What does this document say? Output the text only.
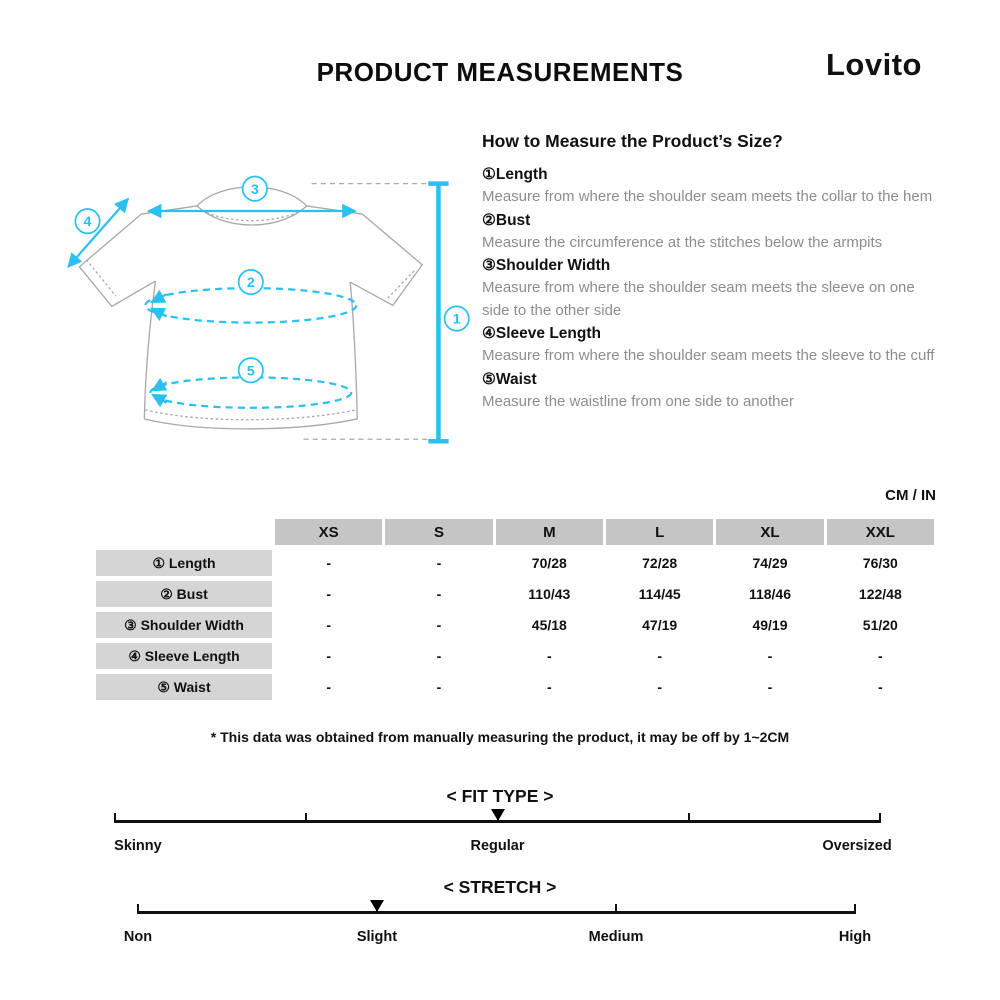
PRODUCT MEASUREMENTS	Lovito
3
4
2
5
1
How to Measure the Product’s Size?
①Length
Measure from where the shoulder seam meets the collar to the hem
②Bust
Measure the circumference at the stitches below the armpits
③Shoulder Width
Measure from where the shoulder seam meets the sleeve on one side to the other side
④Sleeve Length
Measure from where the shoulder seam meets the sleeve to the cuff
⑤Waist
Measure the waistline from one side to another
CM / IN
	XS	S	M	L	XL	XXL
① Length	-	-	70/28	72/28	74/29	76/30
② Bust	-	-	110/43	114/45	118/46	122/48
③ Shoulder Width	-	-	45/18	47/19	49/19	51/20
④ Sleeve Length	-	-	-	-	-	-
⑤ Waist	-	-	-	-	-	-
* This data was obtained from manually measuring the product, it may be off by 1~2CM
< FIT TYPE >
Skinny	Regular	Oversized
< STRETCH >
Non	Slight	Medium	High
